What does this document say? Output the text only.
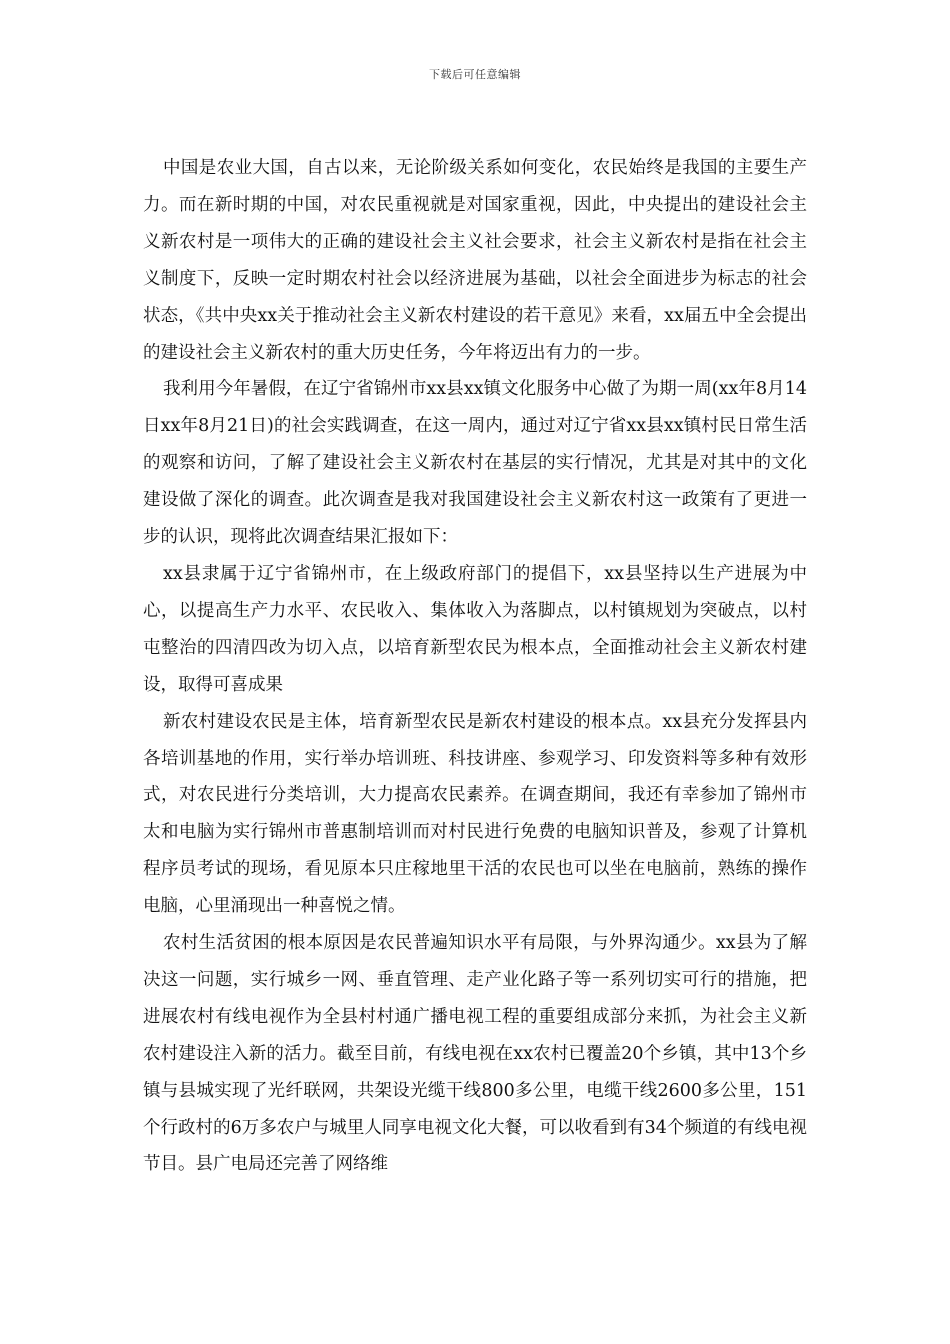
下载后可任意编辑

中国是农业大国，自古以来，无论阶级关系如何变化，农民始终是我国的主要生产力。而在新时期的中国，对农民重视就是对国家重视，因此，中央提出的建设社会主义新农村是一项伟大的正确的建设社会主义社会要求，社会主义新农村是指在社会主义制度下，反映一定时期农村社会以经济进展为基础，以社会全面进步为标志的社会状态，《共中央xx关于推动社会主义新农村建设的若干意见》来看，xx届五中全会提出的建设社会主义新农村的重大历史任务，今年将迈出有力的一步。

我利用今年暑假，在辽宁省锦州市xx县xx镇文化服务中心做了为期一周(xx年8月14日xx年8月21日)的社会实践调查，在这一周内，通过对辽宁省xx县xx镇村民日常生活的观察和访问，了解了建设社会主义新农村在基层的实行情况，尤其是对其中的文化建设做了深化的调查。此次调查是我对我国建设社会主义新农村这一政策有了更进一步的认识，现将此次调查结果汇报如下：

xx县隶属于辽宁省锦州市，在上级政府部门的提倡下，xx县坚持以生产进展为中心，以提高生产力水平、农民收入、集体收入为落脚点，以村镇规划为突破点，以村屯整治的四清四改为切入点，以培育新型农民为根本点，全面推动社会主义新农村建设，取得可喜成果

新农村建设农民是主体，培育新型农民是新农村建设的根本点。xx县充分发挥县内各培训基地的作用，实行举办培训班、科技讲座、参观学习、印发资料等多种有效形式，对农民进行分类培训，大力提高农民素养。在调查期间，我还有幸参加了锦州市太和电脑为实行锦州市普惠制培训而对村民进行免费的电脑知识普及，参观了计算机程序员考试的现场，看见原本只庄稼地里干活的农民也可以坐在电脑前，熟练的操作电脑，心里涌现出一种喜悦之情。

农村生活贫困的根本原因是农民普遍知识水平有局限，与外界沟通少。xx县为了解决这一问题，实行城乡一网、垂直管理、走产业化路子等一系列切实可行的措施，把进展农村有线电视作为全县村村通广播电视工程的重要组成部分来抓，为社会主义新农村建设注入新的活力。截至目前，有线电视在xx农村已覆盖20个乡镇，其中13个乡镇与县城实现了光纤联网，共架设光缆干线800多公里，电缆干线2600多公里，151个行政村的6万多农户与城里人同享电视文化大餐，可以收看到有34个频道的有线电视节目。县广电局还完善了网络维
